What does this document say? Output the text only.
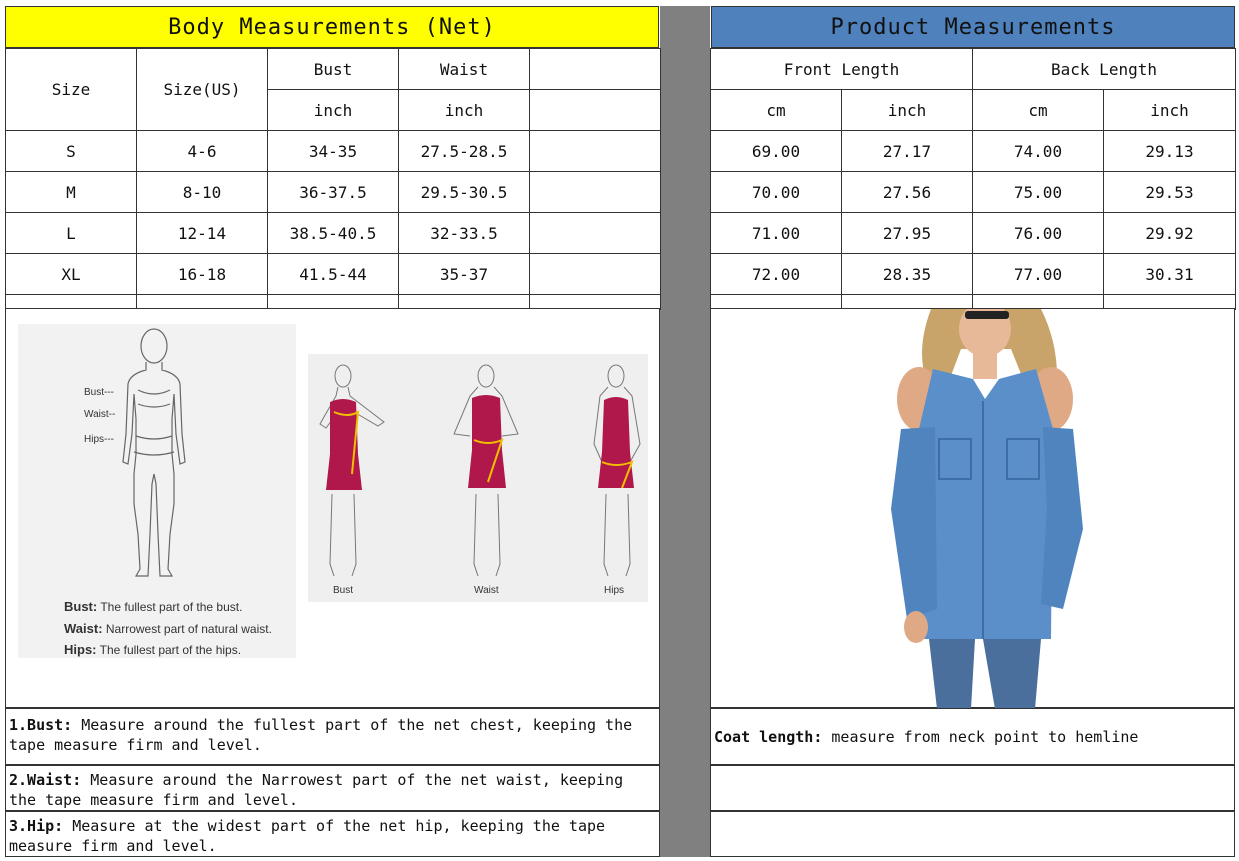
Body Measurements (Net)	Product Measurements
Size	Size(US)	Bust	Waist	
		inch	inch	
S	4-6	34-35	27.5-28.5	
M	8-10	36-37.5	29.5-30.5	
L	12-14	38.5-40.5	32-33.5	
XL	16-18	41.5-44	35-37	

Front Length		Back Length	
cm	inch	cm	inch
69.00	27.17	74.00	29.13
70.00	27.56	75.00	29.53
71.00	27.95	76.00	29.92
72.00	28.35	77.00	30.31

Bust---
Waist--
Hips---
Bust: The fullest part of the bust.
Waist: Narrowest part of natural waist.
Hips: The fullest part of the hips.
Bust	Waist	Hips
1.Bust: Measure around the fullest part of the net chest, keeping the tape measure firm and level.
2.Waist: Measure around the Narrowest part of the net waist, keeping the tape measure firm and level.
3.Hip: Measure at the widest part of the net hip, keeping the tape measure firm and level.
Coat length: measure from neck point to hemline
